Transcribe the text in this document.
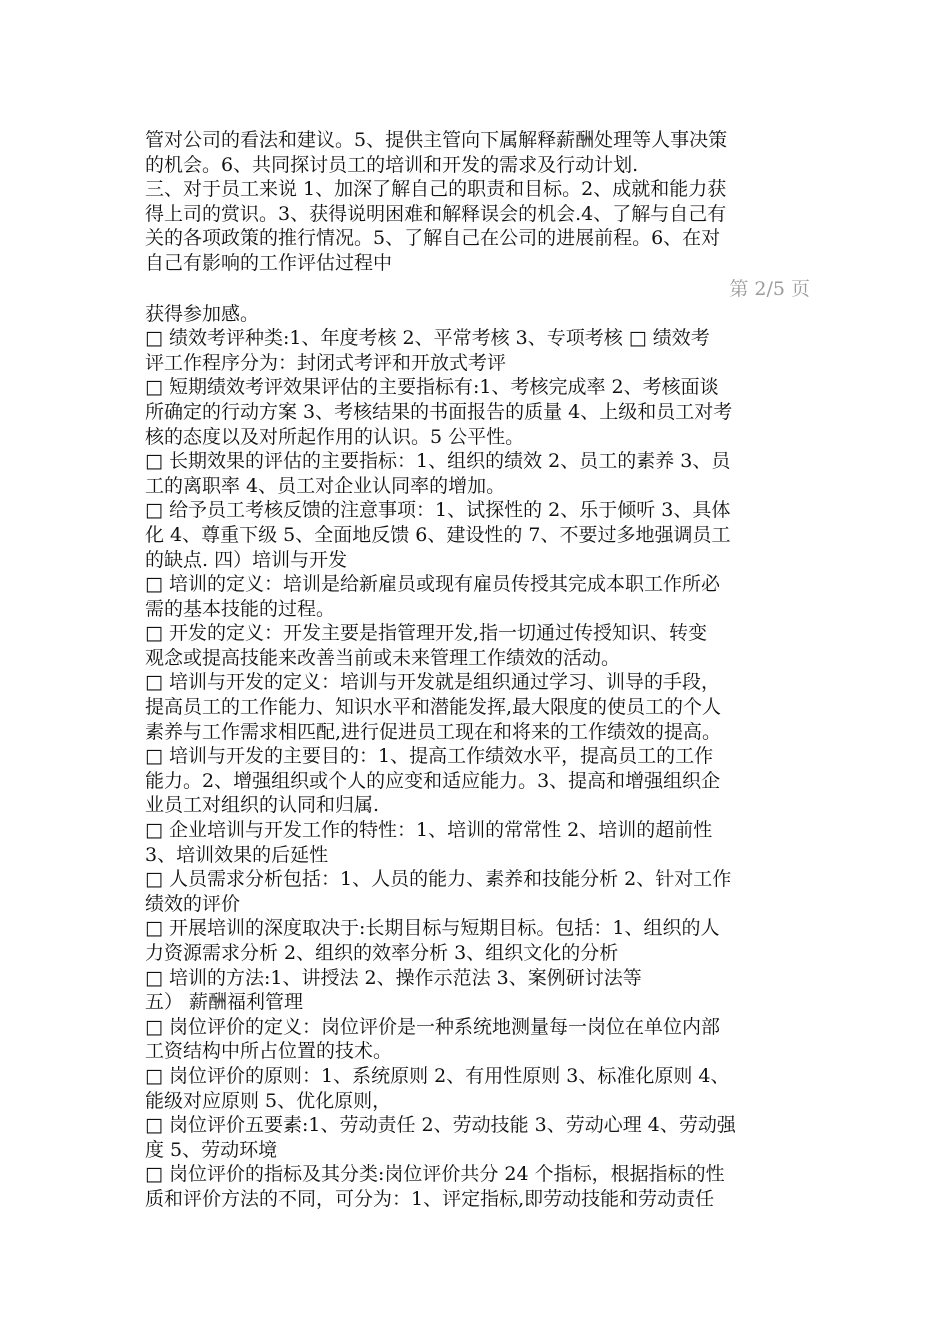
管对公司的看法和建议。5、提供主管向下属解释薪酬处理等人事决策
的机会。6、共同探讨员工的培训和开发的需求及行动计划.
三、对于员工来说 1、加深了解自己的职责和目标。2、成就和能力获
得上司的赏识。3、获得说明困难和解释误会的机会.4、了解与自己有
关的各项政策的推行情况。5、了解自己在公司的进展前程。6、在对
自己有影响的工作评估过程中
第 2/5 页
获得参加感。
□ 绩效考评种类:1、年度考核 2、平常考核 3、专项考核 □ 绩效考
评工作程序分为：封闭式考评和开放式考评
□ 短期绩效考评效果评估的主要指标有:1、考核完成率 2、考核面谈
所确定的行动方案 3、考核结果的书面报告的质量 4、上级和员工对考
核的态度以及对所起作用的认识。5 公平性。
□ 长期效果的评估的主要指标：1、组织的绩效 2、员工的素养 3、员
工的离职率 4、员工对企业认同率的增加。
□ 给予员工考核反馈的注意事项：1、试探性的 2、乐于倾听 3、具体
化 4、尊重下级 5、全面地反馈 6、建设性的 7、不要过多地强调员工
的缺点. 四）培训与开发
□ 培训的定义：培训是给新雇员或现有雇员传授其完成本职工作所必
需的基本技能的过程。
□ 开发的定义：开发主要是指管理开发,指一切通过传授知识、转变
观念或提高技能来改善当前或未来管理工作绩效的活动。
□ 培训与开发的定义：培训与开发就是组织通过学习、训导的手段，
提高员工的工作能力、知识水平和潜能发挥,最大限度的使员工的个人
素养与工作需求相匹配,进行促进员工现在和将来的工作绩效的提高。
□ 培训与开发的主要目的：1、提高工作绩效水平，提高员工的工作
能力。2、增强组织或个人的应变和适应能力。3、提高和增强组织企
业员工对组织的认同和归属.
□ 企业培训与开发工作的特性：1、培训的常常性 2、培训的超前性
3、培训效果的后延性
□ 人员需求分析包括：1、人员的能力、素养和技能分析 2、针对工作
绩效的评价
□ 开展培训的深度取决于:长期目标与短期目标。包括：1、组织的人
力资源需求分析 2、组织的效率分析 3、组织文化的分析
□ 培训的方法:1、讲授法 2、操作示范法 3、案例研讨法等
五） 薪酬福利管理
□ 岗位评价的定义：岗位评价是一种系统地测量每一岗位在单位内部
工资结构中所占位置的技术。
□ 岗位评价的原则：1、系统原则 2、有用性原则 3、标准化原则 4、
能级对应原则 5、优化原则，
□ 岗位评价五要素:1、劳动责任 2、劳动技能 3、劳动心理 4、劳动强
度 5、劳动环境
□ 岗位评价的指标及其分类:岗位评价共分 24 个指标，根据指标的性
质和评价方法的不同，可分为：1、评定指标,即劳动技能和劳动责任
